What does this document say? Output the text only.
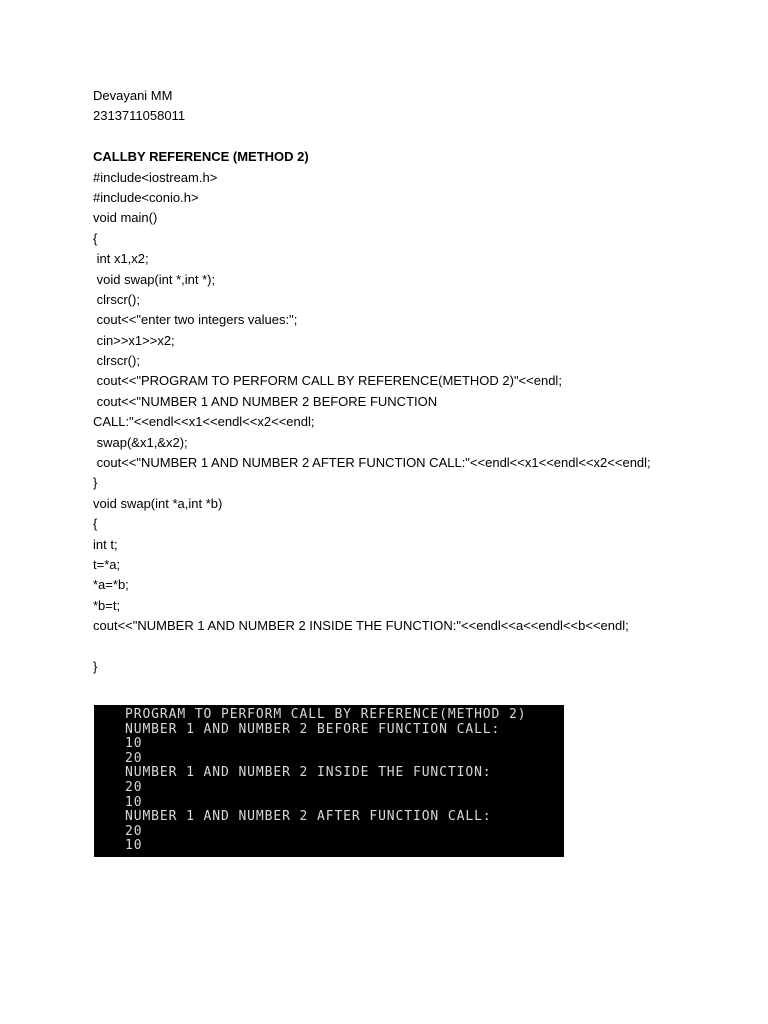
Devayani MM
2313711058011
CALLBY REFERENCE (METHOD 2)
#include<iostream.h>
#include<conio.h>
void main()
{
int x1,x2;
void swap(int *,int *);
clrscr();
cout<<"enter two integers values:";
cin>>x1>>x2;
clrscr();
cout<<"PROGRAM TO PERFORM CALL BY REFERENCE(METHOD 2)"<<endl;
cout<<"NUMBER 1 AND NUMBER 2 BEFORE FUNCTION
CALL:"<<endl<<x1<<endl<<x2<<endl;
swap(&x1,&x2);
cout<<"NUMBER 1 AND NUMBER 2 AFTER FUNCTION CALL:"<<endl<<x1<<endl<<x2<<endl;
}
void swap(int *a,int *b)
{
int t;
t=*a;
*a=*b;
*b=t;
cout<<"NUMBER 1 AND NUMBER 2 INSIDE THE FUNCTION:"<<endl<<a<<endl<<b<<endl;
}
PROGRAM TO PERFORM CALL BY REFERENCE(METHOD 2)
NUMBER 1 AND NUMBER 2 BEFORE FUNCTION CALL:
10
20
NUMBER 1 AND NUMBER 2 INSIDE THE FUNCTION:
20
10
NUMBER 1 AND NUMBER 2 AFTER FUNCTION CALL:
20
10
